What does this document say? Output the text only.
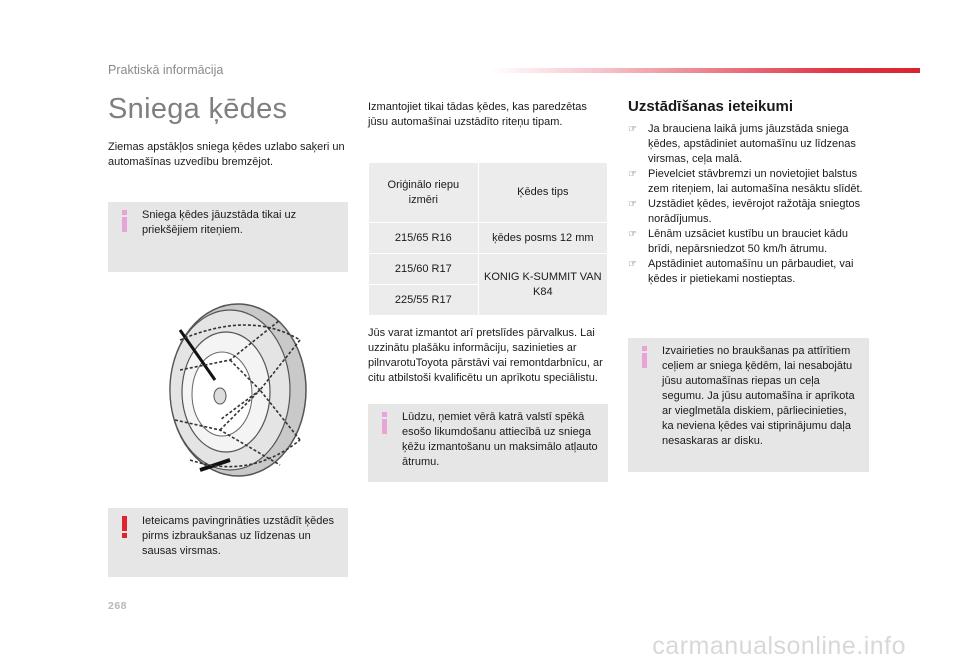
Praktiskā informācija
Sniega ķēdes

Ziemas apstākļos sniega ķēdes uzlabo saķeri un automašīnas uzvedību bremzējot.

Sniega ķēdes jāuzstāda tikai uz priekšējiem riteņiem.
Ieteicams pavingrināties uzstādīt ķēdes pirms izbraukšanas uz līdzenas un sausas virsmas.

Izmantojiet tikai tādas ķēdes, kas paredzētas jūsu automašīnai uzstādīto riteņu tipam.

Oriģinālo riepu izmēri	Ķēdes tips
215/65 R16	ķēdes posms 12 mm
215/60 R17	KONIG K-SUMMIT VAN K84
225/55 R17	

Jūs varat izmantot arī pretslīdes pārvalkus. Lai uzzinātu plašāku informāciju, sazinieties ar pilnvarotuToyota pārstāvi vai remontdarbnīcu, ar citu atbilstoši kvalificētu un aprīkotu speciālistu.

Lūdzu, ņemiet vērā katrā valstī spēkā esošo likumdošanu attiecībā uz sniega ķēžu izmantošanu un maksimālo atļauto ātrumu.
Uzstādīšanas ieteikumi
☞ Ja brauciena laikā jums jāuzstāda sniega ķēdes, apstādiniet automašīnu uz līdzenas virsmas, ceļa malā.
☞ Pievelciet stāvbremzi un novietojiet balstus zem riteņiem, lai automašīna nesāktu slīdēt.
☞ Uzstādiet ķēdes, ievērojot ražotāja sniegtos norādījumus.
☞ Lēnām uzsāciet kustību un brauciet kādu brīdi, nepārsniedzot 50 km/h ātrumu.
☞ Apstādiniet automašīnu un pārbaudiet, vai ķēdes ir pietiekami nostieptas.
Izvairieties no braukšanas pa attīrītiem ceļiem ar sniega ķēdēm, lai nesabojātu jūsu automašīnas riepas un ceļa segumu. Ja jūsu automašīna ir aprīkota ar vieglmetāla diskiem, pārliecinieties, ka neviena ķēdes vai stiprinājumu daļa nesaskaras ar disku.
268
carmanualsonline.info
